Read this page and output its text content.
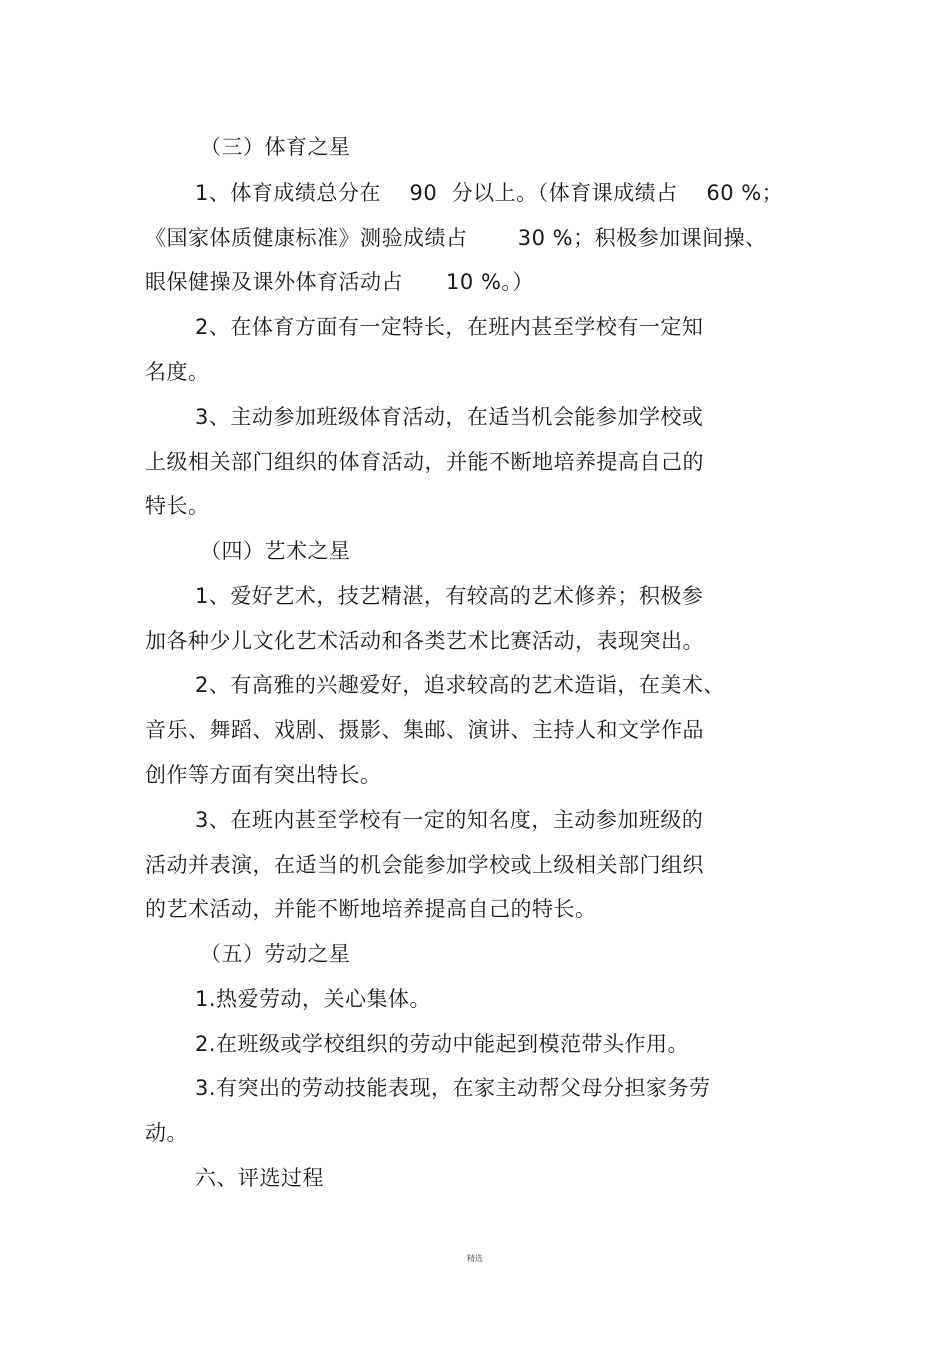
（三）体育之星
1、体育成绩总分在    90  分以上。（体育课成绩占    60 %；
《国家体质健康标准》测验成绩占       30 %；积极参加课间操、
眼保健操及课外体育活动占      10 %。）
2、在体育方面有一定特长，在班内甚至学校有一定知
名度。
3、主动参加班级体育活动，在适当机会能参加学校或
上级相关部门组织的体育活动，并能不断地培养提高自己的
特长。
（四）艺术之星
1、爱好艺术，技艺精湛，有较高的艺术修养；积极参
加各种少儿文化艺术活动和各类艺术比赛活动，表现突出。
2、有高雅的兴趣爱好，追求较高的艺术造诣，在美术、
音乐、舞蹈、戏剧、摄影、集邮、演讲、主持人和文学作品
创作等方面有突出特长。
3、在班内甚至学校有一定的知名度，主动参加班级的
活动并表演，在适当的机会能参加学校或上级相关部门组织
的艺术活动，并能不断地培养提高自己的特长。
（五）劳动之星
1.热爱劳动，关心集体。
2.在班级或学校组织的劳动中能起到模范带头作用。
3.有突出的劳动技能表现，在家主动帮父母分担家务劳
动。
六、评选过程
精选
